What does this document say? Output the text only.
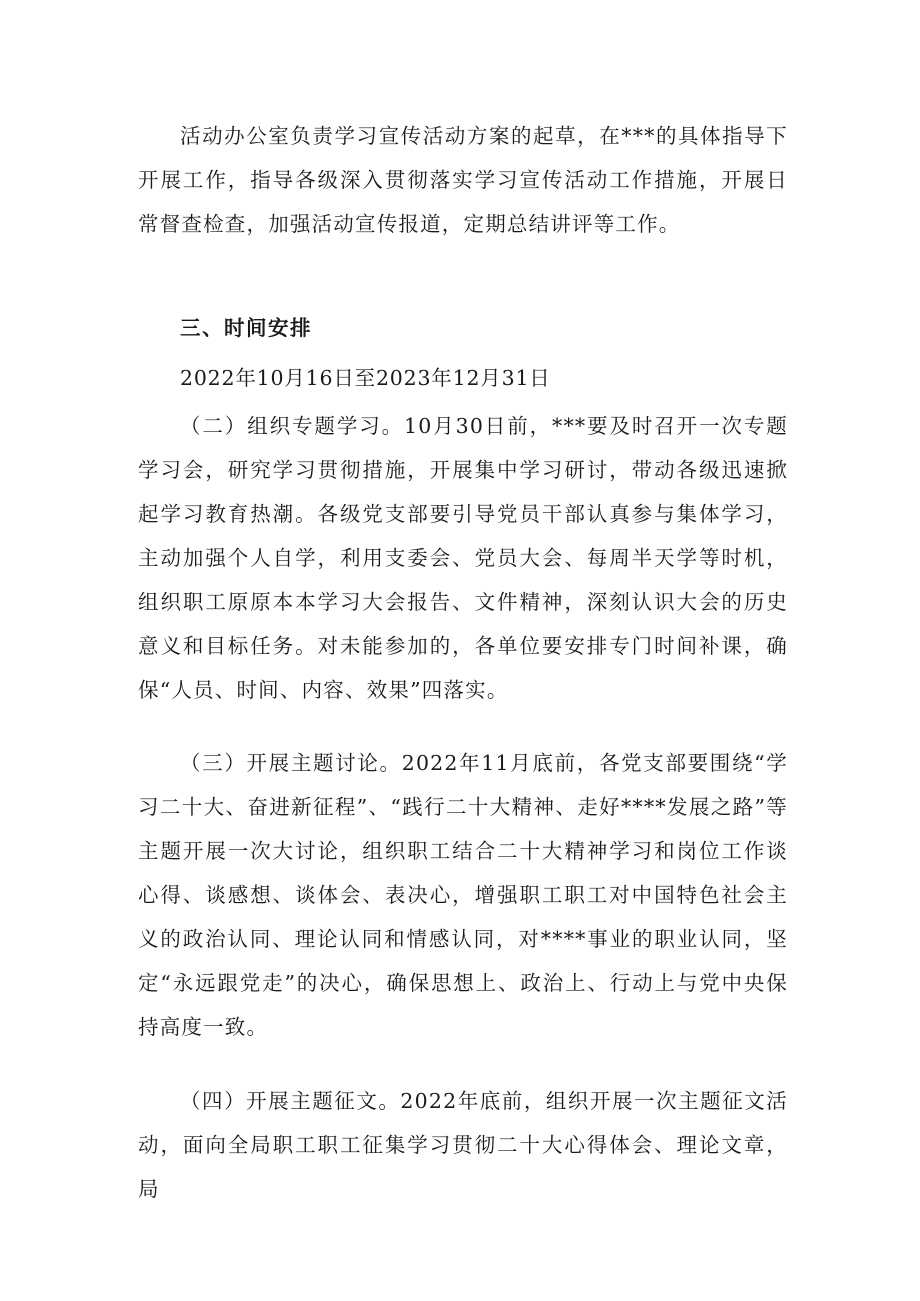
活动办公室负责学习宣传活动方案的起草，在***的具体指导下开展工作，指导各级深入贯彻落实学习宣传活动工作措施，开展日常督查检查，加强活动宣传报道，定期总结讲评等工作。

三、时间安排

2022年10月16日至2023年12月31日

（二）组织专题学习。10月30日前，***要及时召开一次专题学习会，研究学习贯彻措施，开展集中学习研讨，带动各级迅速掀起学习教育热潮。各级党支部要引导党员干部认真参与集体学习，主动加强个人自学，利用支委会、党员大会、每周半天学等时机，组织职工原原本本学习大会报告、文件精神，深刻认识大会的历史意义和目标任务。对未能参加的，各单位要安排专门时间补课，确保“人员、时间、内容、效果”四落实。

（三）开展主题讨论。2022年11月底前，各党支部要围绕“学习二十大、奋进新征程”、“践行二十大精神、走好****发展之路”等主题开展一次大讨论，组织职工结合二十大精神学习和岗位工作谈心得、谈感想、谈体会、表决心，增强职工职工对中国特色社会主义的政治认同、理论认同和情感认同，对****事业的职业认同，坚定“永远跟党走”的决心，确保思想上、政治上、行动上与党中央保持高度一致。

（四）开展主题征文。2022年底前，组织开展一次主题征文活动，面向全局职工职工征集学习贯彻二十大心得体会、理论文章，局
